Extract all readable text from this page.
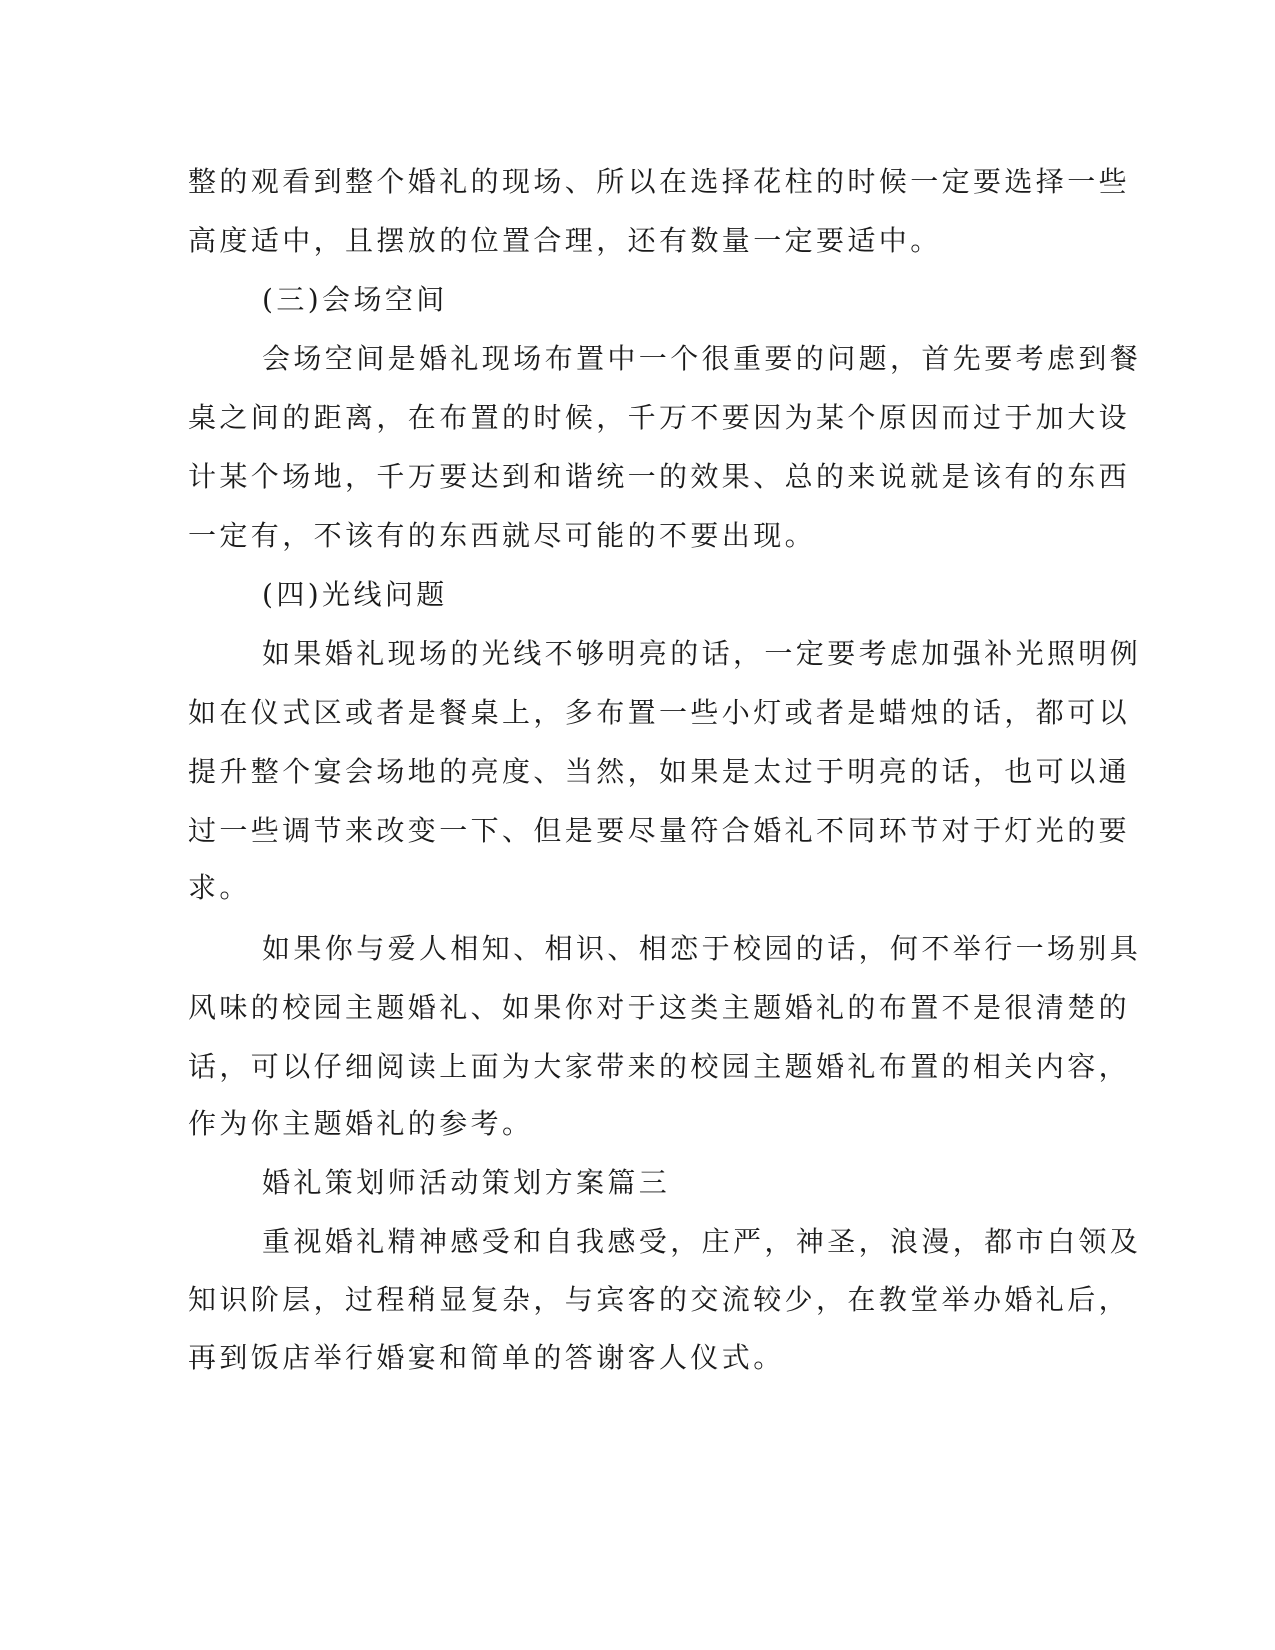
整的观看到整个婚礼的现场、所以在选择花柱的时候一定要选择一些
高度适中，且摆放的位置合理，还有数量一定要适中。
(三)会场空间
会场空间是婚礼现场布置中一个很重要的问题，首先要考虑到餐
桌之间的距离，在布置的时候，千万不要因为某个原因而过于加大设
计某个场地，千万要达到和谐统一的效果、总的来说就是该有的东西
一定有，不该有的东西就尽可能的不要出现。
(四)光线问题
如果婚礼现场的光线不够明亮的话，一定要考虑加强补光照明例
如在仪式区或者是餐桌上，多布置一些小灯或者是蜡烛的话，都可以
提升整个宴会场地的亮度、当然，如果是太过于明亮的话，也可以通
过一些调节来改变一下、但是要尽量符合婚礼不同环节对于灯光的要
求。
如果你与爱人相知、相识、相恋于校园的话，何不举行一场别具
风味的校园主题婚礼、如果你对于这类主题婚礼的布置不是很清楚的
话，可以仔细阅读上面为大家带来的校园主题婚礼布置的相关内容，
作为你主题婚礼的参考。
婚礼策划师活动策划方案篇三
重视婚礼精神感受和自我感受，庄严，神圣，浪漫，都市白领及
知识阶层，过程稍显复杂，与宾客的交流较少，在教堂举办婚礼后，
再到饭店举行婚宴和简单的答谢客人仪式。
